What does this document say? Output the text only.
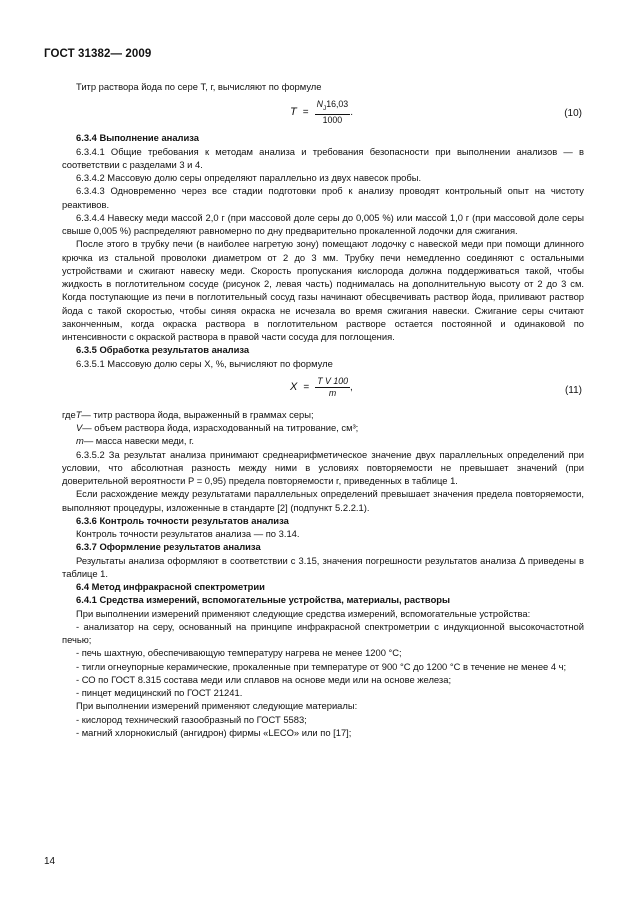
ГОСТ 31382— 2009

Титр раствора йода по сере T, г, вычисляют по формуле

$T = \frac{N_J16,03}{1000}$ .	(10)

6.3.4 Выполнение анализа

6.3.4.1 Общие требования к методам анализа и требования безопасности при выполнении анализов — в соответствии с разделами 3 и 4.

6.3.4.2 Массовую долю серы определяют параллельно из двух навесок пробы.

6.3.4.3 Одновременно через все стадии подготовки проб к анализу проводят контрольный опыт на чистоту реактивов.

6.3.4.4 Навеску меди массой 2,0 г (при массовой доле серы до 0,005 %) или массой 1,0 г (при массовой доле серы свыше 0,005 %) распределяют равномерно по дну предварительно прокаленной лодочки для сжигания.

После этого в трубку печи (в наиболее нагретую зону) помещают лодочку с навеской меди при помощи длинного крючка из стальной проволоки диаметром от 2 до 3 мм. Трубку печи немедленно соединяют с остальными устройствами и сжигают навеску меди. Скорость пропускания кислорода должна поддерживаться такой, чтобы жидкость в поглотительном сосуде (рисунок 2, левая часть) поднималась на дополнительную высоту от 2 до 3 см. Когда поступающие из печи в поглотительный сосуд газы начинают обесцвечивать раствор йода, приливают раствор йода с такой скоростью, чтобы синяя окраска не исчезала во время сжигания навески. Сжигание серы считают законченным, когда окраска раствора в поглотительном растворе остается постоянной и одинаковой по интенсивности с окраской раствора в правой части сосуда для поглощения.

6.3.5 Обработка результатов анализа

6.3.5.1 Массовую долю серы X, %, вычисляют по формуле

$X = \frac{\text{T V 100}}{m}$ ,	(11)
где T — титр раствора йода, выраженный в граммах серы;
V — объем раствора йода, израсходованный на титрование, см³;
m — масса навески меди, г.

6.3.5.2 За результат анализа принимают среднеарифметическое значение двух параллельных определений при условии, что абсолютная разность между ними в условиях повторяемости не превышает значений (при доверительной вероятности P = 0,95) предела повторяемости r, приведенных в таблице 1.

Если расхождение между результатами параллельных определений превышает значения предела повторяемости, выполняют процедуры, изложенные в стандарте [2] (подпункт 5.2.2.1).

6.3.6 Контроль точности результатов анализа

Контроль точности результатов анализа — по 3.14.

6.3.7 Оформление результатов анализа

Результаты анализа оформляют в соответствии с 3.15, значения погрешности результатов анализа Δ приведены в таблице 1.

6.4 Метод инфракрасной спектрометрии

6.4.1 Средства измерений, вспомогательные устройства, материалы, растворы

При выполнении измерений применяют следующие средства измерений, вспомогательные устройства:

- анализатор на серу, основанный на принципе инфракрасной спектрометрии с индукционной высокочастотной печью;

- печь шахтную, обеспечивающую температуру нагрева не менее 1200 °С;

- тигли огнеупорные керамические, прокаленные при температуре от 900 °С до 1200 °С в течение не менее 4 ч;

- СО по ГОСТ 8.315 состава меди или сплавов на основе меди или на основе железа;

- пинцет медицинский по ГОСТ 21241.

При выполнении измерений применяют следующие материалы:

- кислород технический газообразный по ГОСТ 5583;

- магний хлорнокислый (ангидрон) фирмы «LECO» или по [17];

14
